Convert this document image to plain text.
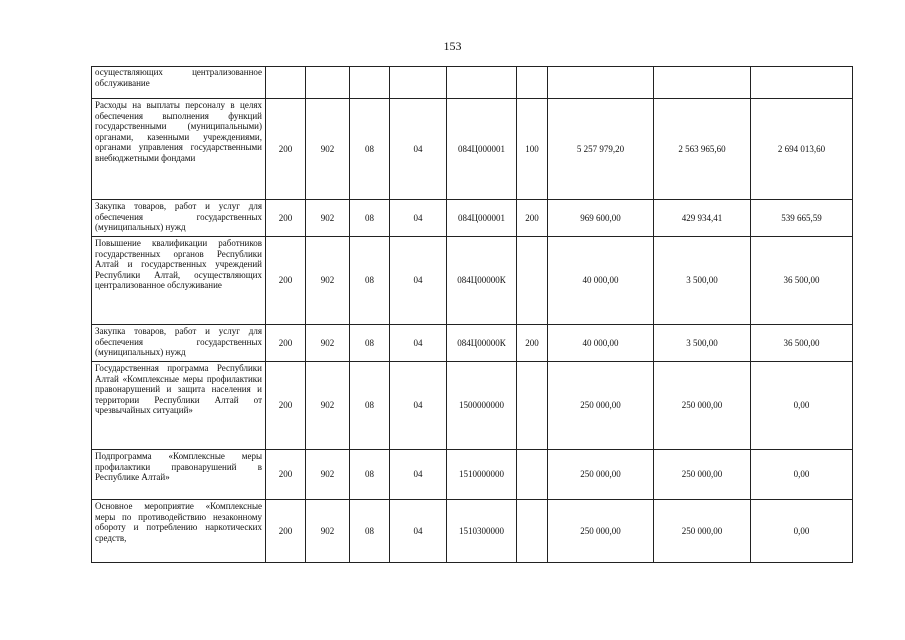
153
осуществляющих централизованное обслуживание									

Расходы на выплаты персоналу в целях обеспечения выполнения функций государственными (муниципальными) органами, казенными учреждениями, органами управления государственными внебюджетными фондами	200	902	08	04	084Ц000001	100	5 257 979,20	2 563 965,60	2 694 013,60

Закупка товаров, работ и услуг для обеспечения государственных (муниципальных) нужд	200	902	08	04	084Ц000001	200	969 600,00	429 934,41	539 665,59

Повышение квалификации работников государственных органов Республики Алтай и государственных учреждений Республики Алтай, осуществляющих централизованное обслуживание	200	902	08	04	084Ц00000К		40 000,00	3 500,00	36 500,00

Закупка товаров, работ и услуг для обеспечения государственных (муниципальных) нужд	200	902	08	04	084Ц00000К	200	40 000,00	3 500,00	36 500,00

Государственная программа Республики Алтай «Комплексные меры профилактики правонарушений и защита населения и территории Республики Алтай от чрезвычайных ситуаций»	200	902	08	04	1500000000		250 000,00	250 000,00	0,00

Подпрограмма «Комплексные меры профилактики правонарушений в Республике Алтай»	200	902	08	04	1510000000		250 000,00	250 000,00	0,00

Основное мероприятие «Комплексные меры по противодействию незаконному обороту и потреблению наркотических средств,	200	902	08	04	1510300000		250 000,00	250 000,00	0,00
